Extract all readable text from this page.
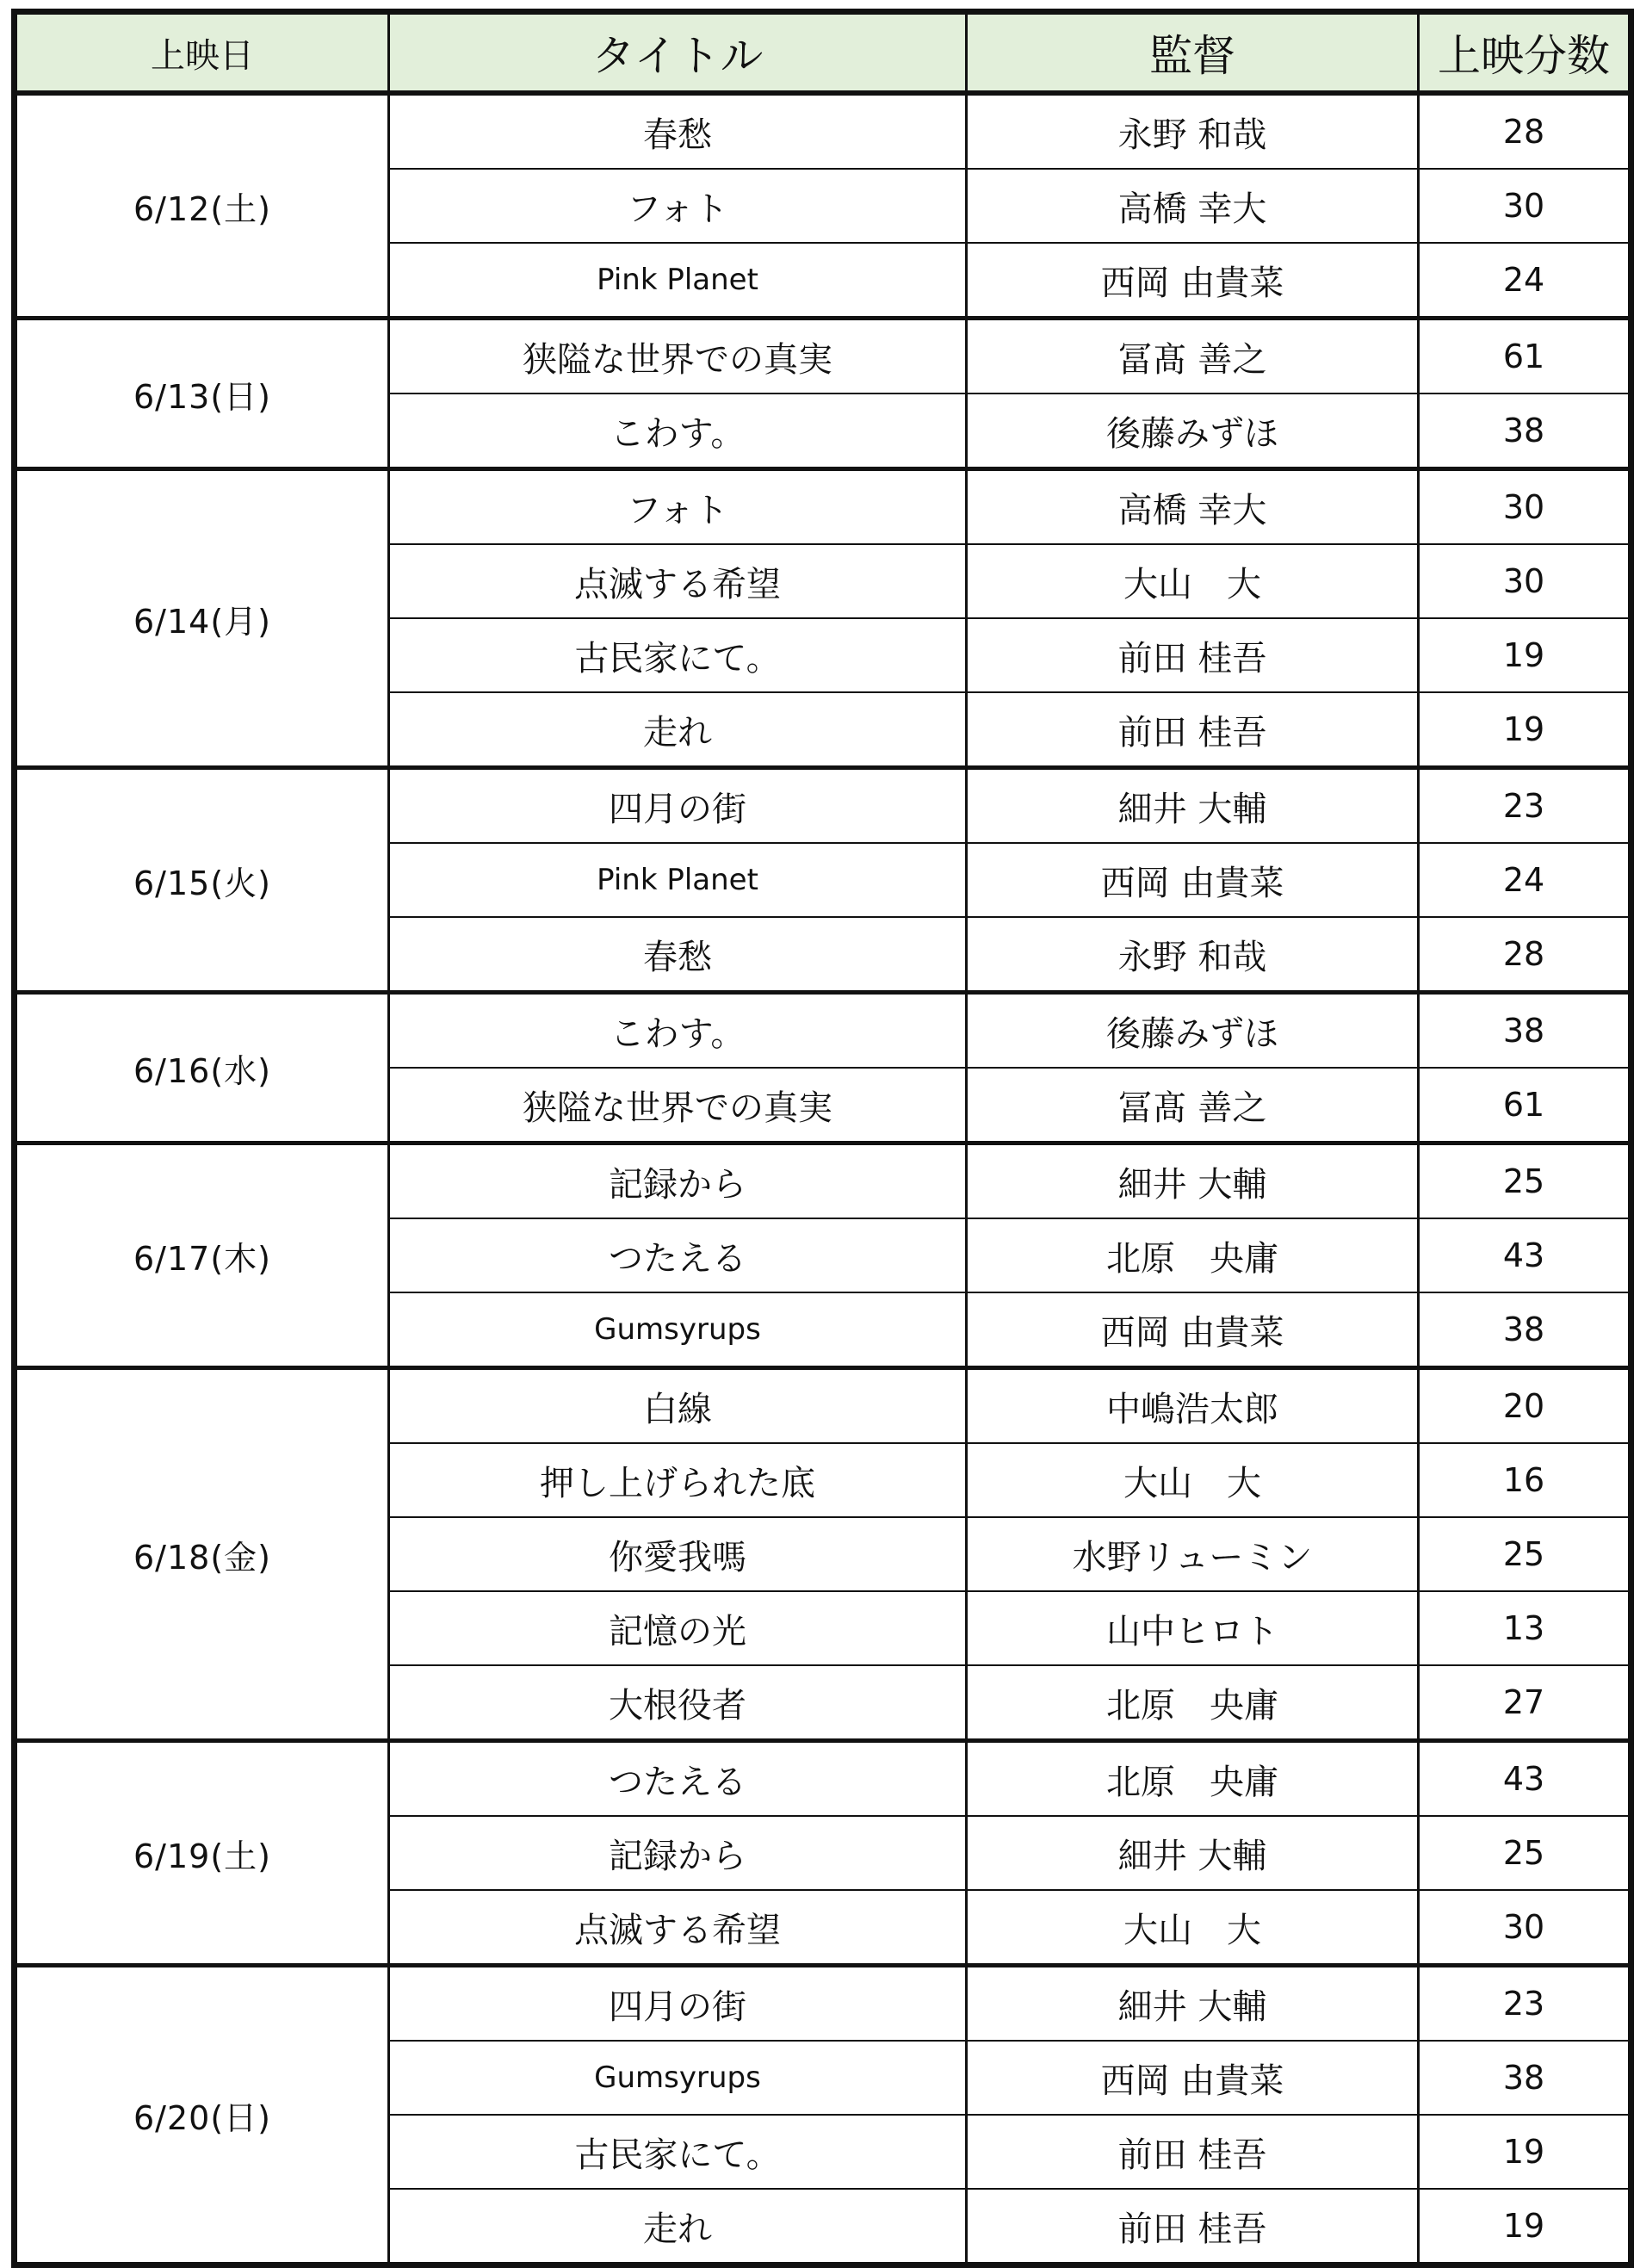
上映日	タイトル	監督	上映分数
6/12(土)	春愁	永野 和哉	28
	フォト	高橋 幸大	30
	Pink Planet	西岡 由貴菜	24
6/13(日)	狭隘な世界での真実	冨髙 善之	61
	こわす。	後藤みずほ	38
6/14(月)	フォト	高橋 幸大	30
	点滅する希望	大山　大	30
	古民家にて。	前田 桂吾	19
	走れ	前田 桂吾	19
6/15(火)	四月の街	細井 大輔	23
	Pink Planet	西岡 由貴菜	24
	春愁	永野 和哉	28
6/16(水)	こわす。	後藤みずほ	38
	狭隘な世界での真実	冨髙 善之	61
6/17(木)	記録から	細井 大輔	25
	つたえる	北原　央庸	43
	Gumsyrups	西岡 由貴菜	38
6/18(金)	白線	中嶋浩太郎	20
	押し上げられた底	大山　大	16
	你愛我嗎	水野リューミン	25
	記憶の光	山中ヒロト	13
	大根役者	北原　央庸	27
6/19(土)	つたえる	北原　央庸	43
	記録から	細井 大輔	25
	点滅する希望	大山　大	30
6/20(日)	四月の街	細井 大輔	23
	Gumsyrups	西岡 由貴菜	38
	古民家にて。	前田 桂吾	19
	走れ	前田 桂吾	19
